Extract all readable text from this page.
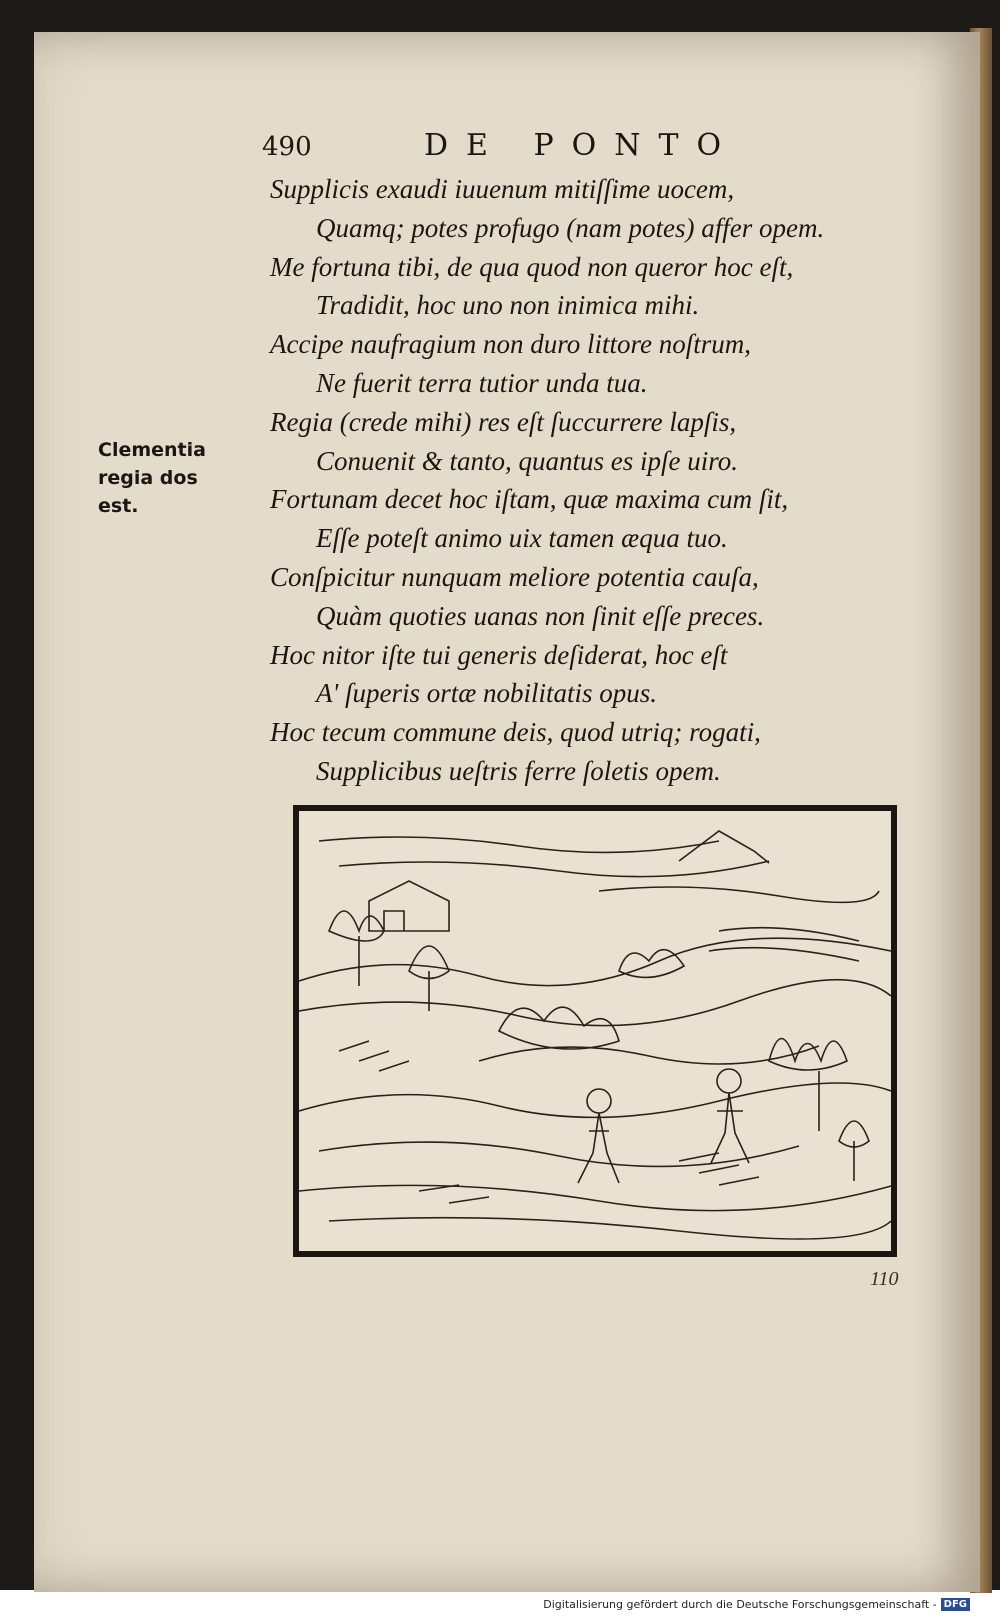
490	DE PONTO
Clementia
regia dos
est.
Supplicis exaudi iuuenum mitiſſime uocem,
Quamq; potes profugo (nam potes) affer opem.
Me fortuna tibi, de qua quod non queror hoc eſt,
Tradidit, hoc uno non inimica mihi.
Accipe naufragium non duro littore noſtrum,
Ne fuerit terra tutior unda tua.
Regia (crede mihi) res eſt ſuccurrere lapſis,
Conuenit & tanto, quantus es ipſe uiro.
Fortunam decet hoc iſtam, quæ maxima cum ſit,
Eſſe poteſt animo uix tamen æqua tuo.
Conſpicitur nunquam meliore potentia cauſa,
Quàm quoties uanas non ſinit eſſe preces.
Hoc nitor iſte tui generis deſiderat, hoc eſt
A' ſuperis ortæ nobilitatis opus.
Hoc tecum commune deis, quod utriq; rogati,
Supplicibus ueſtris ferre ſoletis opem.
110
Digitalisierung gefördert durch die Deutsche Forschungsgemeinschaft - DFG
